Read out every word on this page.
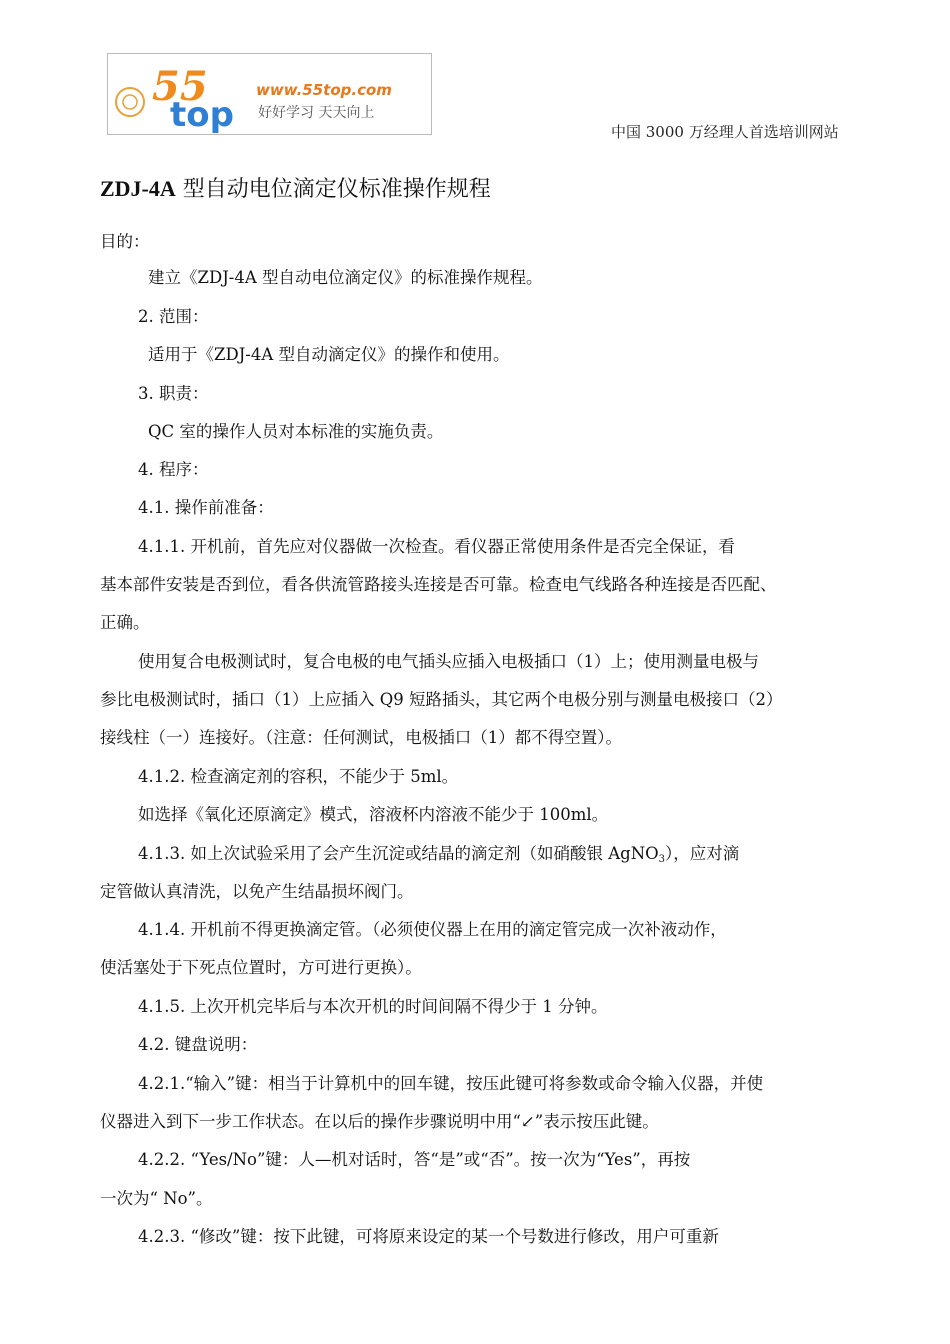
55
top
www.55top.com
好好学习 天天向上
中国 3000 万经理人首选培训网站
ZDJ-4A 型自动电位滴定仪标准操作规程
目的：
建立《ZDJ-4A 型自动电位滴定仪》的标准操作规程。
2. 范围：
适用于《ZDJ-4A 型自动滴定仪》的操作和使用。
3. 职责：
QC 室的操作人员对本标准的实施负责。
4. 程序：
4.1. 操作前准备：
4.1.1. 开机前，首先应对仪器做一次检查。看仪器正常使用条件是否完全保证，看
基本部件安装是否到位，看各供流管路接头连接是否可靠。检查电气线路各种连接是否匹配、
正确。
使用复合电极测试时，复合电极的电气插头应插入电极插口（1）上；使用测量电极与
参比电极测试时，插口（1）上应插入 Q9 短路插头，其它两个电极分别与测量电极接口（2）
接线柱（一）连接好。（注意：任何测试，电极插口（1）都不得空置）。
4.1.2. 检查滴定剂的容积，不能少于 5ml。
如选择《氧化还原滴定》模式，溶液杯内溶液不能少于 100ml。
4.1.3. 如上次试验采用了会产生沉淀或结晶的滴定剂（如硝酸银 AgNO$_3$），应对滴
定管做认真清洗，以免产生结晶损坏阀门。
4.1.4. 开机前不得更换滴定管。（必须使仪器上在用的滴定管完成一次补液动作，
使活塞处于下死点位置时，方可进行更换）。
4.1.5. 上次开机完毕后与本次开机的时间间隔不得少于 1 分钟。
4.2. 键盘说明：
4.2.1.“输入”键：相当于计算机中的回车键，按压此键可将参数或命令输入仪器，并使
仪器进入到下一步工作状态。在以后的操作步骤说明中用“↙”表示按压此键。
4.2.2. “Yes/No”键：人—机对话时，答“是”或“否”。按一次为“Yes”，再按
一次为“ No”。
4.2.3. “修改”键：按下此键，可将原来设定的某一个号数进行修改，用户可重新
